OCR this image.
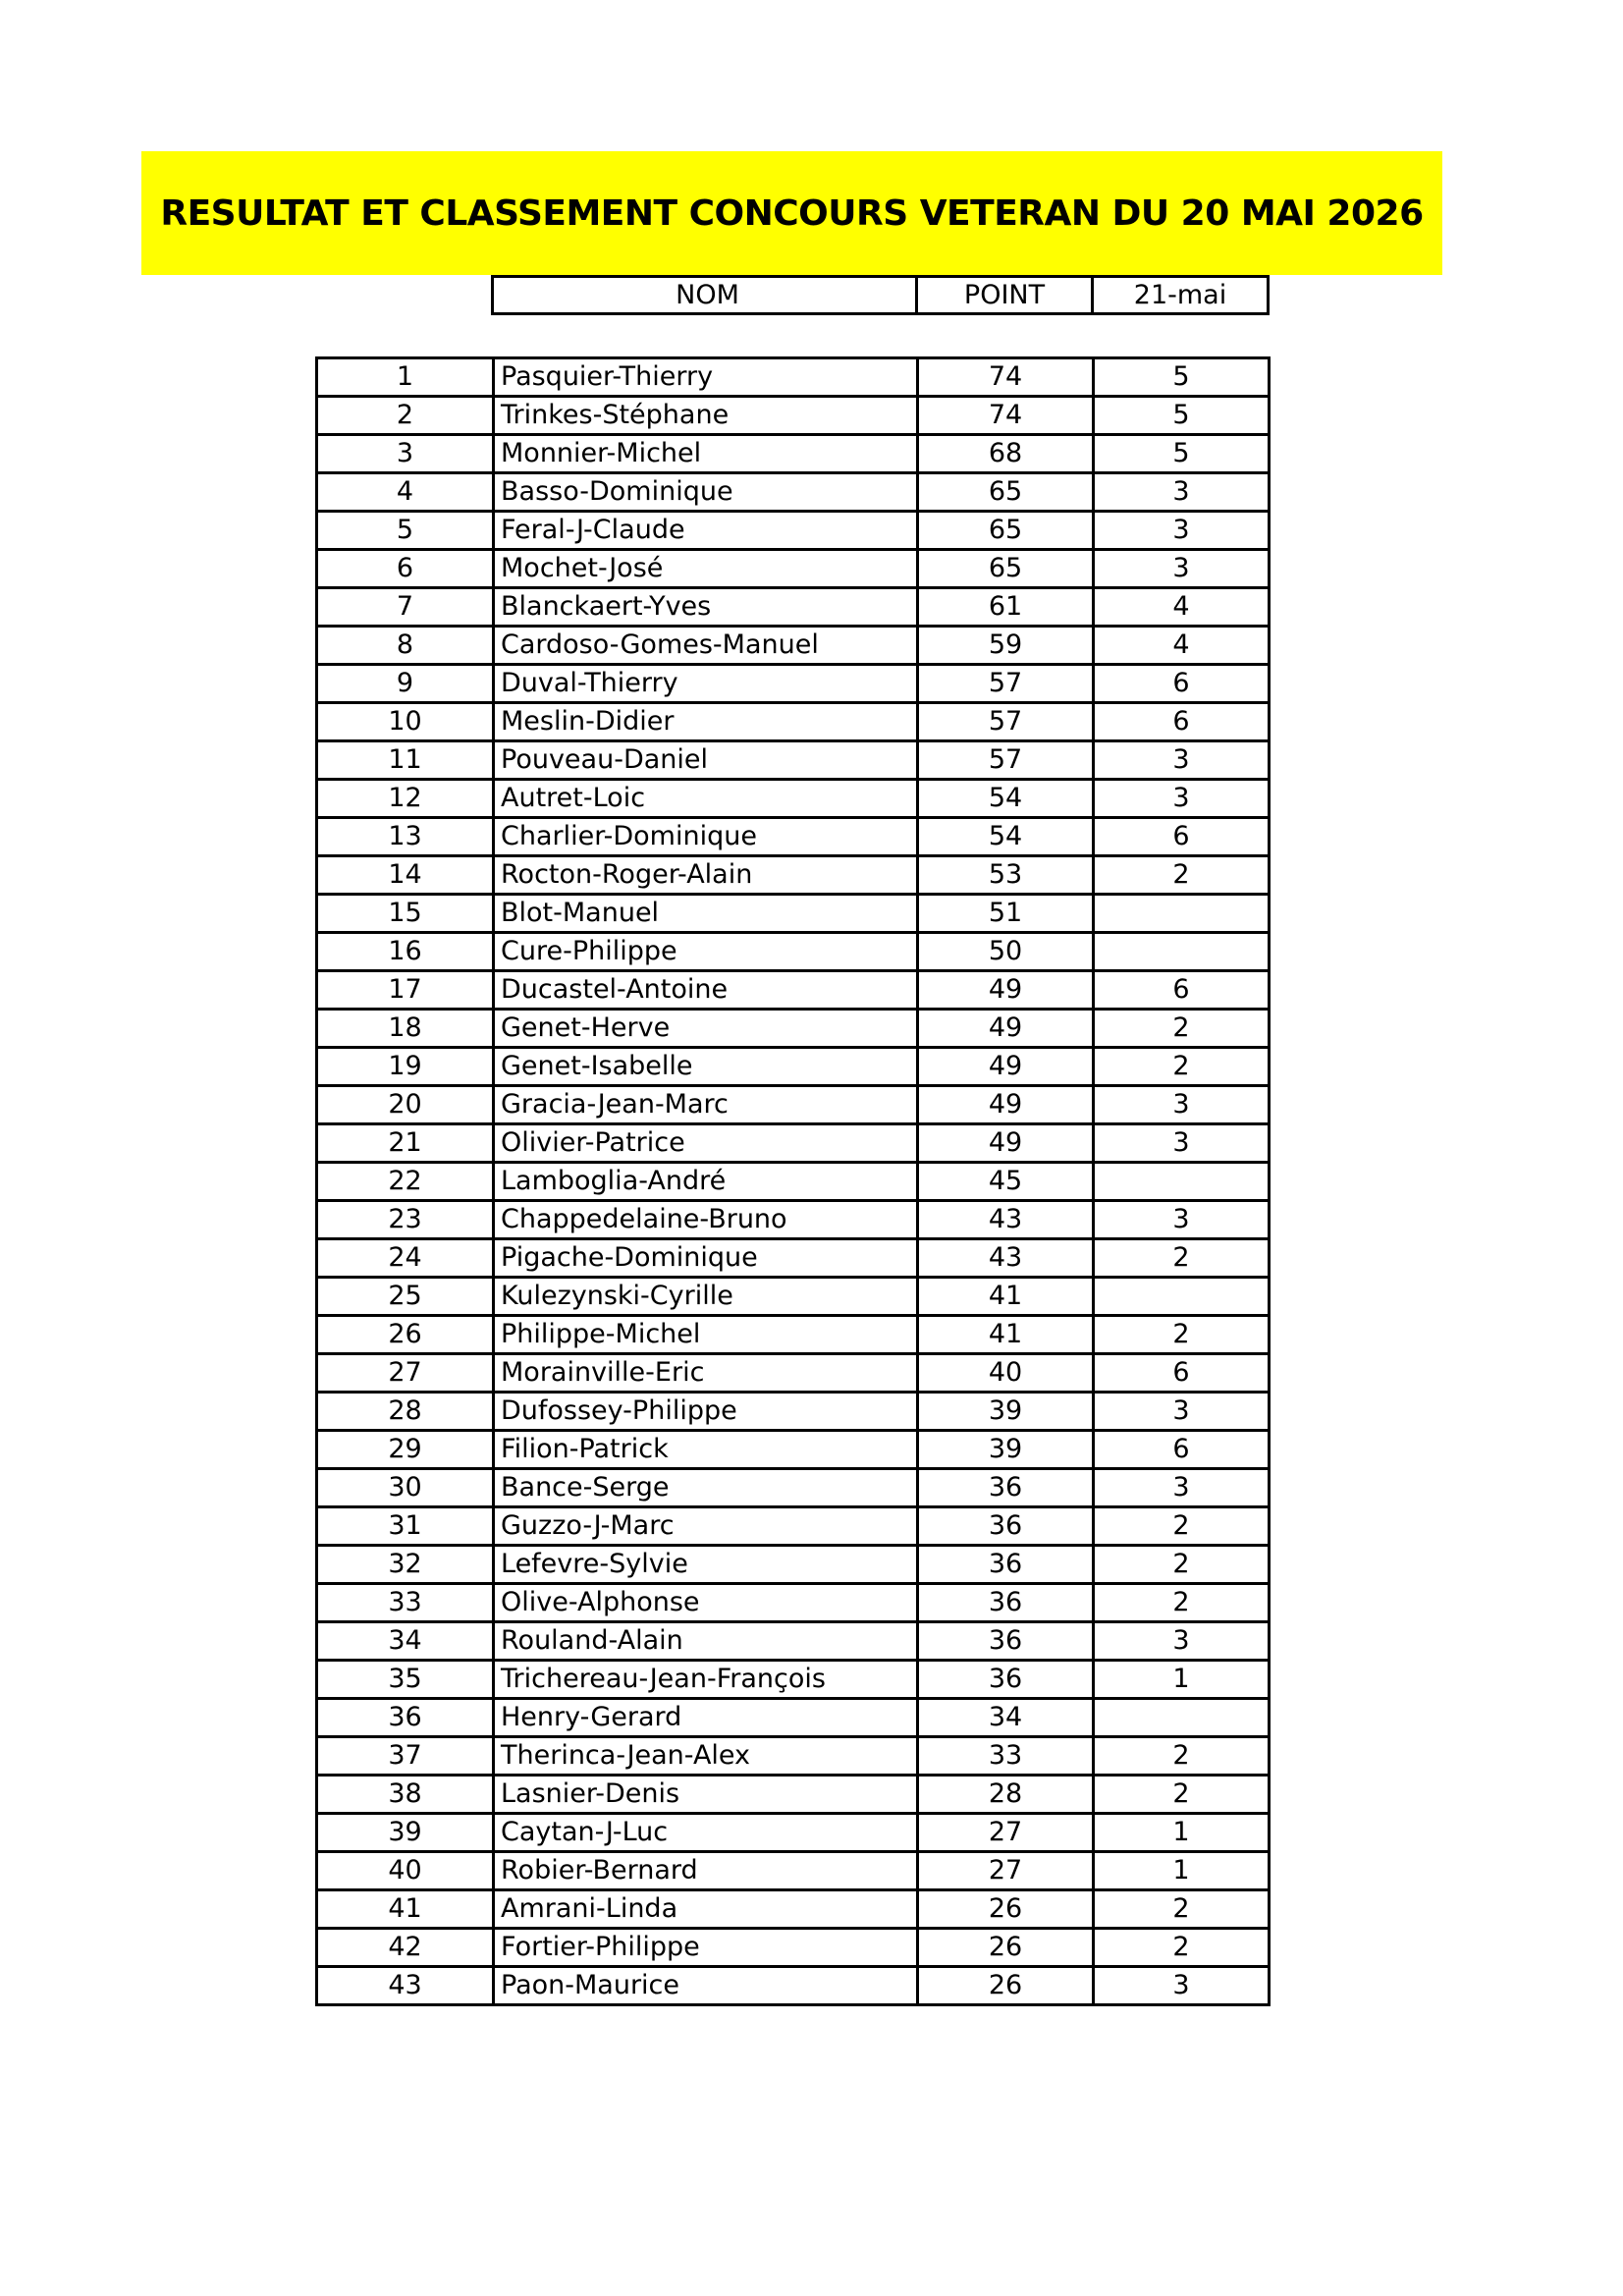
RESULTAT ET CLASSEMENT CONCOURS VETERAN DU 20 MAI 2026
NOM	POINT	21-mai
1	Pasquier-Thierry	74	5
2	Trinkes-Stéphane	74	5
3	Monnier-Michel	68	5
4	Basso-Dominique	65	3
5	Feral-J-Claude	65	3
6	Mochet-José	65	3
7	Blanckaert-Yves	61	4
8	Cardoso-Gomes-Manuel	59	4
9	Duval-Thierry	57	6
10	Meslin-Didier	57	6
11	Pouveau-Daniel	57	3
12	Autret-Loic	54	3
13	Charlier-Dominique	54	6
14	Rocton-Roger-Alain	53	2
15	Blot-Manuel	51	
16	Cure-Philippe	50	
17	Ducastel-Antoine	49	6
18	Genet-Herve	49	2
19	Genet-Isabelle	49	2
20	Gracia-Jean-Marc	49	3
21	Olivier-Patrice	49	3
22	Lamboglia-André	45	
23	Chappedelaine-Bruno	43	3
24	Pigache-Dominique	43	2
25	Kulezynski-Cyrille	41	
26	Philippe-Michel	41	2
27	Morainville-Eric	40	6
28	Dufossey-Philippe	39	3
29	Filion-Patrick	39	6
30	Bance-Serge	36	3
31	Guzzo-J-Marc	36	2
32	Lefevre-Sylvie	36	2
33	Olive-Alphonse	36	2
34	Rouland-Alain	36	3
35	Trichereau-Jean-François	36	1
36	Henry-Gerard	34	
37	Therinca-Jean-Alex	33	2
38	Lasnier-Denis	28	2
39	Caytan-J-Luc	27	1
40	Robier-Bernard	27	1
41	Amrani-Linda	26	2
42	Fortier-Philippe	26	2
43	Paon-Maurice	26	3
